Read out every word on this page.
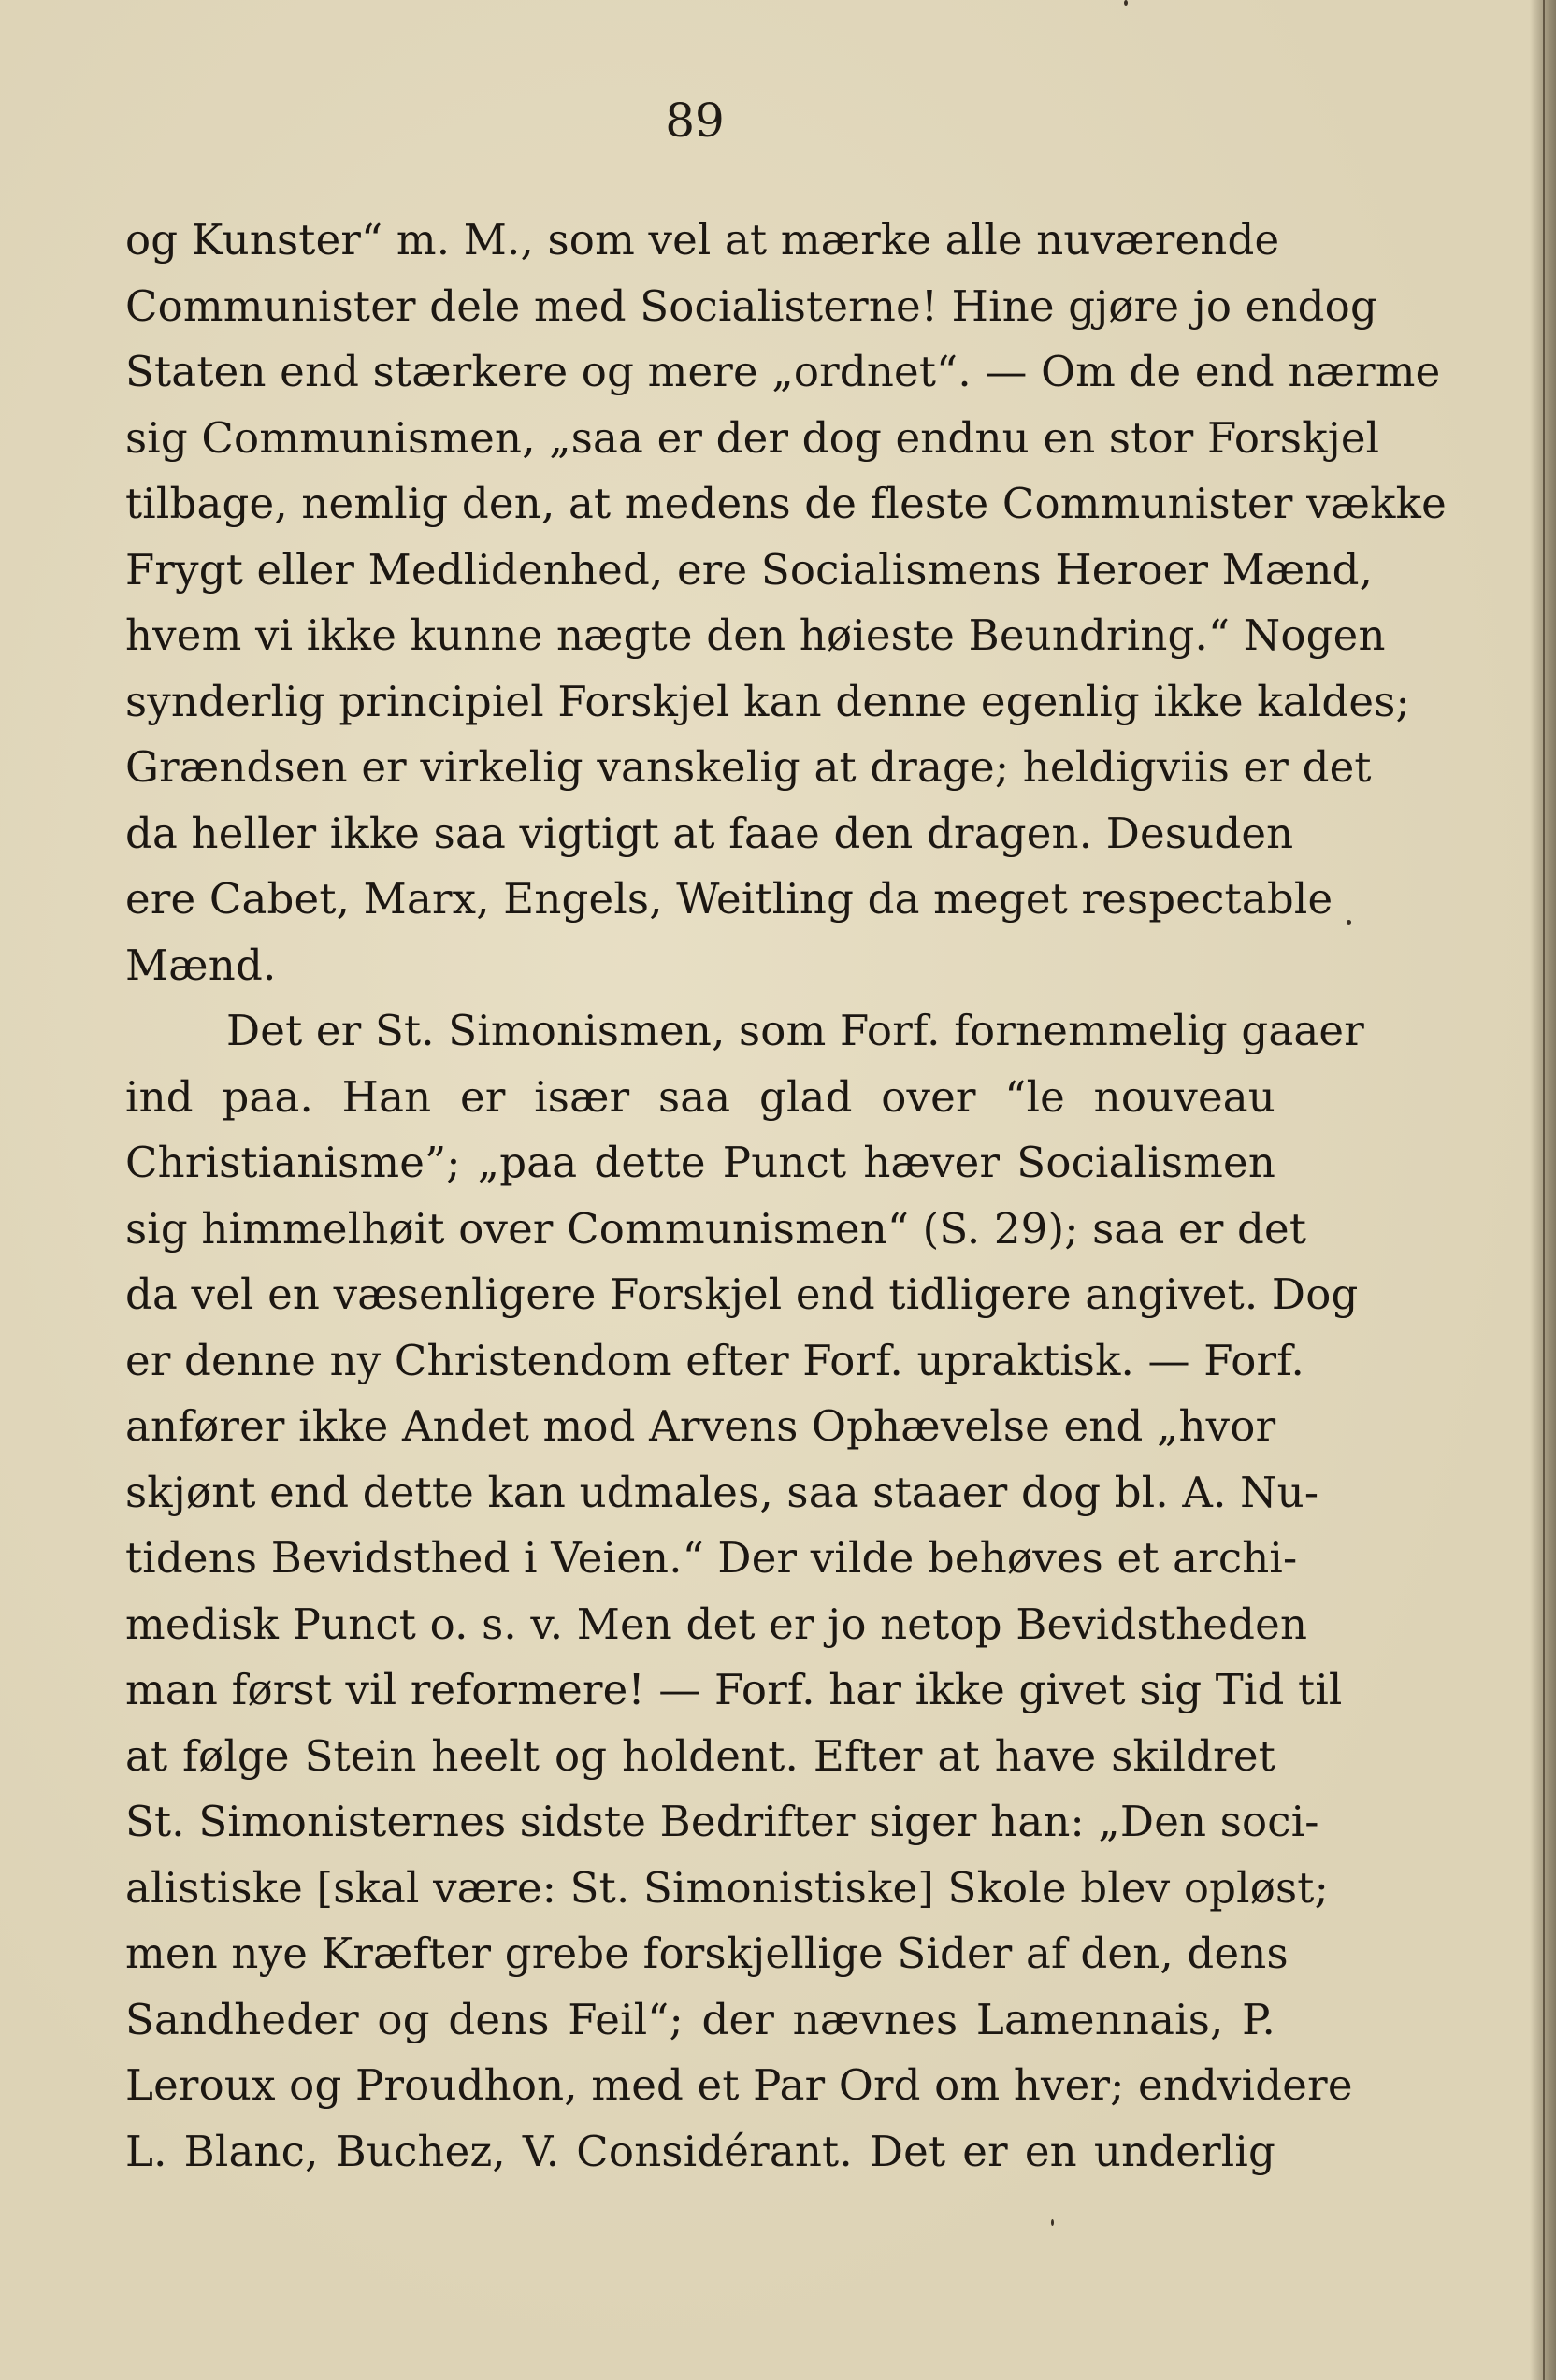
89
og Kunster“ m. M., som vel at mærke alle nuværende
Communister dele med Socialisterne! Hine gjøre jo endog
Staten end stærkere og mere „ordnet“. — Om de end nærme
sig Communismen, „saa er der dog endnu en stor Forskjel
tilbage, nemlig den, at medens de fleste Communister vække
Frygt eller Medlidenhed, ere Socialismens Heroer Mænd,
hvem vi ikke kunne nægte den høieste Beundring.“ Nogen
synderlig principiel Forskjel kan denne egenlig ikke kaldes;
Grændsen er virkelig vanskelig at drage; heldigviis er det
da heller ikke saa vigtigt at faae den dragen. Desuden
ere Cabet, Marx, Engels, Weitling da meget respectable
Mænd.
Det er St. Simonismen, som Forf. fornemmelig gaaer
ind paa. Han er især saa glad over “le nouveau
Christianisme”; „paa dette Punct hæver Socialismen
sig himmelhøit over Communismen“ (S. 29); saa er det
da vel en væsenligere Forskjel end tidligere angivet. Dog
er denne ny Christendom efter Forf. upraktisk. — Forf.
anfører ikke Andet mod Arvens Ophævelse end „hvor
skjønt end dette kan udmales, saa staaer dog bl. A. Nu-
tidens Bevidsthed i Veien.“ Der vilde behøves et archi-
medisk Punct o. s. v. Men det er jo netop Bevidstheden
man først vil reformere! — Forf. har ikke givet sig Tid til
at følge Stein heelt og holdent. Efter at have skildret
St. Simonisternes sidste Bedrifter siger han: „Den soci-
alistiske [skal være: St. Simonistiske] Skole blev opløst;
men nye Kræfter grebe forskjellige Sider af den, dens
Sandheder og dens Feil“; der nævnes Lamennais, P.
Leroux og Proudhon, med et Par Ord om hver; endvidere
L. Blanc, Buchez, V. Considérant. Det er en underlig
